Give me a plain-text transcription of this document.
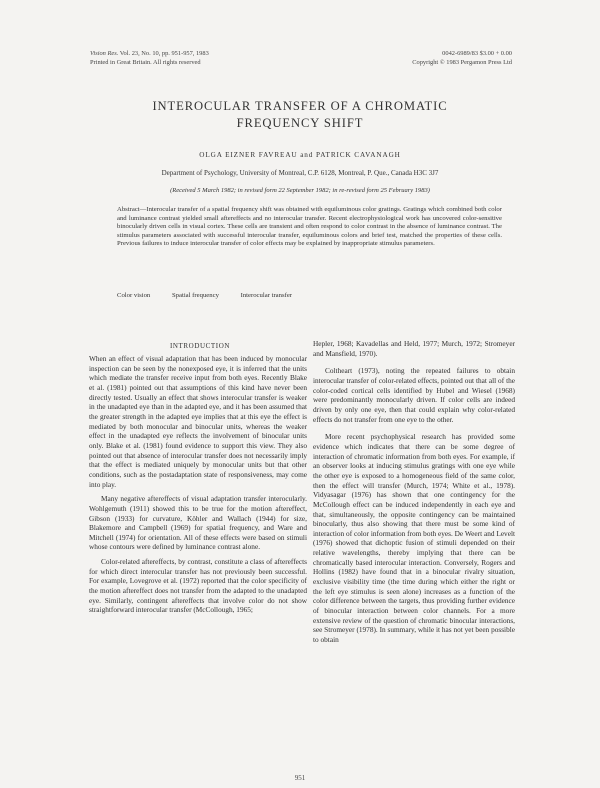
Vision Res. Vol. 23, No. 10, pp. 951-957, 1983
Printed in Great Britain. All rights reserved
0042-6989/83 $3.00 + 0.00
Copyright © 1983 Pergamon Press Ltd
INTEROCULAR TRANSFER OF A CHROMATIC
FREQUENCY SHIFT
OLGA EIZNER FAVREAU and PATRICK CAVANAGH
Department of Psychology, University of Montreal, C.P. 6128, Montreal, P. Que., Canada H3C 3J7
(Received 5 March 1982; in revised form 22 September 1982; in re-revised form 25 February 1983)
Abstract—Interocular transfer of a spatial frequency shift was obtained with equiluminous color gratings. Gratings which combined both color and luminance contrast yielded small aftereffects and no interocular transfer. Recent electrophysiological work has uncovered color-sensitive binocularly driven cells in visual cortex. These cells are transient and often respond to color contrast in the absence of luminance contrast. The stimulus parameters associated with successful interocular transfer, equiluminous colors and brief test, matched the properties of these cells. Previous failures to induce interocular transfer of color effects may be explained by inappropriate stimulus parameters.
Color vision	Spatial frequency	Interocular transfer
INTRODUCTION

When an effect of visual adaptation that has been induced by monocular inspection can be seen by the nonexposed eye, it is inferred that the units which mediate the transfer receive input from both eyes. Recently Blake et al. (1981) pointed out that assumptions of this kind have never been directly tested. Usually an effect that shows interocular transfer is weaker in the unadapted eye than in the adapted eye, and it has been assumed that the greater strength in the adapted eye implies that at this eye the effect is mediated by both monocular and binocular units, whereas the weaker effect in the unadapted eye reflects the involvement of binocular units only. Blake et al. (1981) found evidence to support this view. They also pointed out that absence of interocular transfer does not necessarily imply that the effect is mediated uniquely by monocular units but that other conditions, such as the postadaptation state of responsiveness, may come into play.

Many negative aftereffects of visual adaptation transfer interocularly. Wohlgemuth (1911) showed this to be true for the motion aftereffect, Gibson (1933) for curvature, Köhler and Wallach (1944) for size, Blakemore and Campbell (1969) for spatial frequency, and Ware and Mitchell (1974) for orientation. All of these effects were based on stimuli whose contours were defined by luminance contrast alone.

Color-related aftereffects, by contrast, constitute a class of aftereffects for which direct interocular transfer has not previously been successful. For example, Lovegrove et al. (1972) reported that the color specificity of the motion aftereffect does not transfer from the adapted to the unadapted eye. Similarly, contingent aftereffects that involve color do not show straightforward interocular transfer (McCollough, 1965;

Hepler, 1968; Kavadellas and Held, 1977; Murch, 1972; Stromeyer and Mansfield, 1970).

Coltheart (1973), noting the repeated failures to obtain interocular transfer of color-related effects, pointed out that all of the color-coded cortical cells identified by Hubel and Wiesel (1968) were predominantly monocularly driven. If color cells are indeed driven by only one eye, then that could explain why color-related effects do not transfer from one eye to the other.

More recent psychophysical research has provided some evidence which indicates that there can be some degree of interaction of chromatic information from both eyes. For example, if an observer looks at inducing stimulus gratings with one eye while the other eye is exposed to a homogeneous field of the same color, then the effect will transfer (Murch, 1974; White et al., 1978). Vidyasagar (1976) has shown that one contingency for the McCollough effect can be induced independently in each eye and that, simultaneously, the opposite contingency can be maintained binocularly, thus also showing that there must be some kind of interaction of color information from both eyes. De Weert and Levelt (1976) showed that dichoptic fusion of stimuli depended on their relative wavelengths, thereby implying that there can be chromatically based interocular interaction. Conversely, Rogers and Hollins (1982) have found that in a binocular rivalry situation, exclusive visibility time (the time during which either the right or the left eye stimulus is seen alone) increases as a function of the color difference between the targets, thus providing further evidence of binocular interaction between color channels. For a more extensive review of the question of chromatic binocular interactions, see Stromeyer (1978). In summary, while it has not yet been possible to obtain

951
